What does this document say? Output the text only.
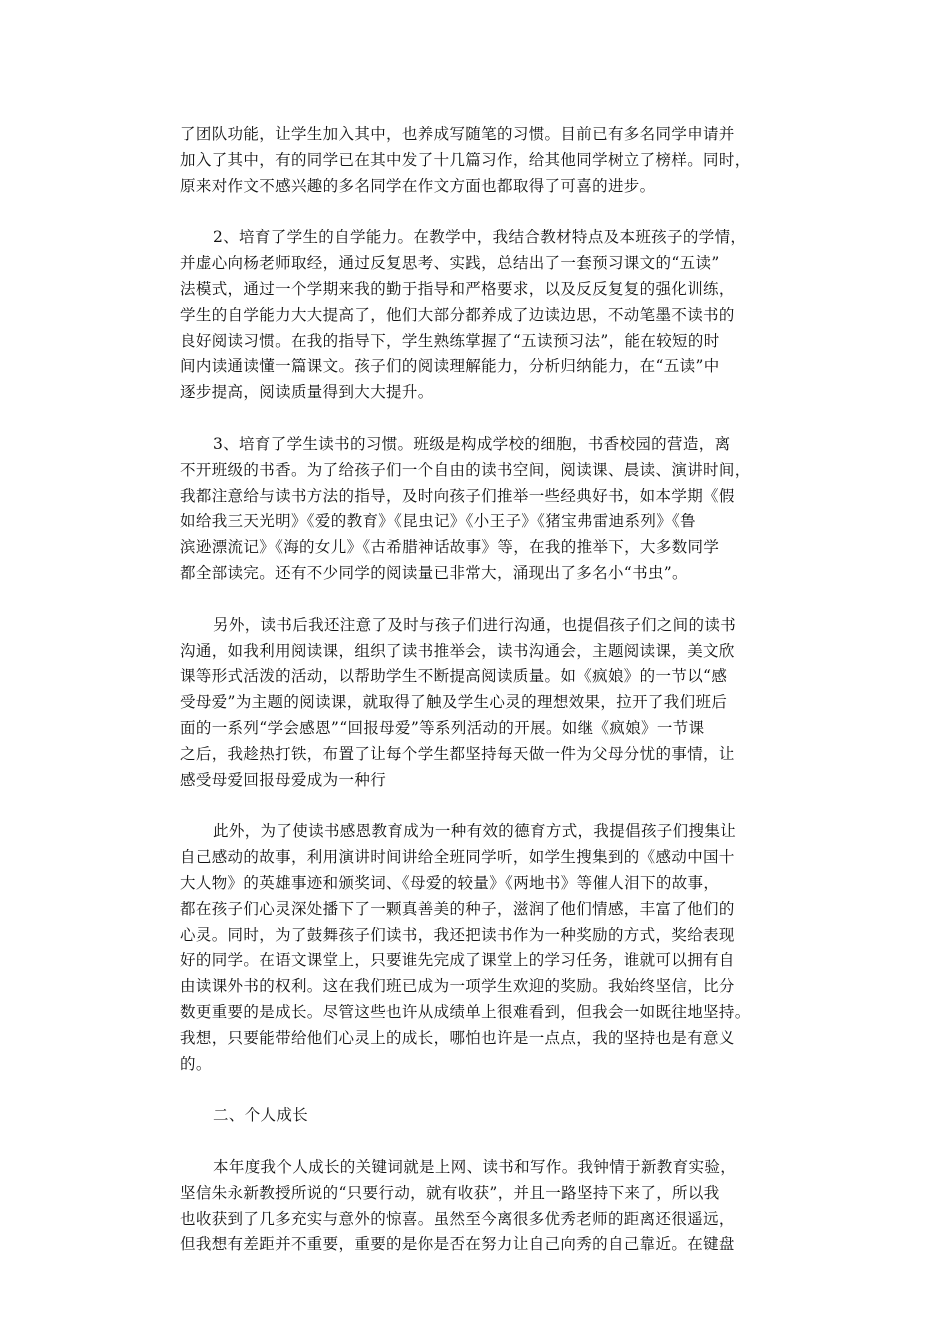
了团队功能，让学生加入其中，也养成写随笔的习惯。目前已有多名同学申请并
加入了其中，有的同学已在其中发了十几篇习作，给其他同学树立了榜样。同时，
原来对作文不感兴趣的多名同学在作文方面也都取得了可喜的进步。
2、培育了学生的自学能力。在教学中，我结合教材特点及本班孩子的学情，
并虚心向杨老师取经，通过反复思考、实践，总结出了一套预习课文的“五读”
法模式，通过一个学期来我的勤于指导和严格要求，以及反反复复的强化训练，
学生的自学能力大大提高了，他们大部分都养成了边读边思，不动笔墨不读书的
良好阅读习惯。在我的指导下，学生熟练掌握了“五读预习法”，能在较短的时
间内读通读懂一篇课文。孩子们的阅读理解能力，分析归纳能力，在“五读”中
逐步提高，阅读质量得到大大提升。
3、培育了学生读书的习惯。班级是构成学校的细胞，书香校园的营造，离
不开班级的书香。为了给孩子们一个自由的读书空间，阅读课、晨读、演讲时间，
我都注意给与读书方法的指导，及时向孩子们推举一些经典好书，如本学期《假
如给我三天光明》《爱的教育》《昆虫记》《小王子》《猪宝弗雷迪系列》《鲁
滨逊漂流记》《海的女儿》《古希腊神话故事》等，在我的推举下，大多数同学
都全部读完。还有不少同学的阅读量已非常大，涌现出了多名小“书虫”。
另外，读书后我还注意了及时与孩子们进行沟通，也提倡孩子们之间的读书
沟通，如我利用阅读课，组织了读书推举会，读书沟通会，主题阅读课，美文欣
课等形式活泼的活动，以帮助学生不断提高阅读质量。如《疯娘》的一节以“感
受母爱”为主题的阅读课，就取得了触及学生心灵的理想效果，拉开了我们班后
面的一系列“学会感恩”“回报母爱”等系列活动的开展。如继《疯娘》一节课
之后，我趁热打铁，布置了让每个学生都坚持每天做一件为父母分忧的事情，让
感受母爱回报母爱成为一种行
此外，为了使读书感恩教育成为一种有效的德育方式，我提倡孩子们搜集让
自己感动的故事，利用演讲时间讲给全班同学听，如学生搜集到的《感动中国十
大人物》的英雄事迹和颁奖词、《母爱的较量》《两地书》等催人泪下的故事，
都在孩子们心灵深处播下了一颗真善美的种子，滋润了他们情感，丰富了他们的
心灵。同时，为了鼓舞孩子们读书，我还把读书作为一种奖励的方式，奖给表现
好的同学。在语文课堂上，只要谁先完成了课堂上的学习任务，谁就可以拥有自
由读课外书的权利。这在我们班已成为一项学生欢迎的奖励。我始终坚信，比分
数更重要的是成长。尽管这些也许从成绩单上很难看到，但我会一如既往地坚持。
我想，只要能带给他们心灵上的成长，哪怕也许是一点点，我的坚持也是有意义
的。
二、个人成长
本年度我个人成长的关键词就是上网、读书和写作。我钟情于新教育实验，
坚信朱永新教授所说的“只要行动，就有收获”，并且一路坚持下来了，所以我
也收获到了几多充实与意外的惊喜。虽然至今离很多优秀老师的距离还很遥远，
但我想有差距并不重要，重要的是你是否在努力让自己向秀的自己靠近。在键盘
